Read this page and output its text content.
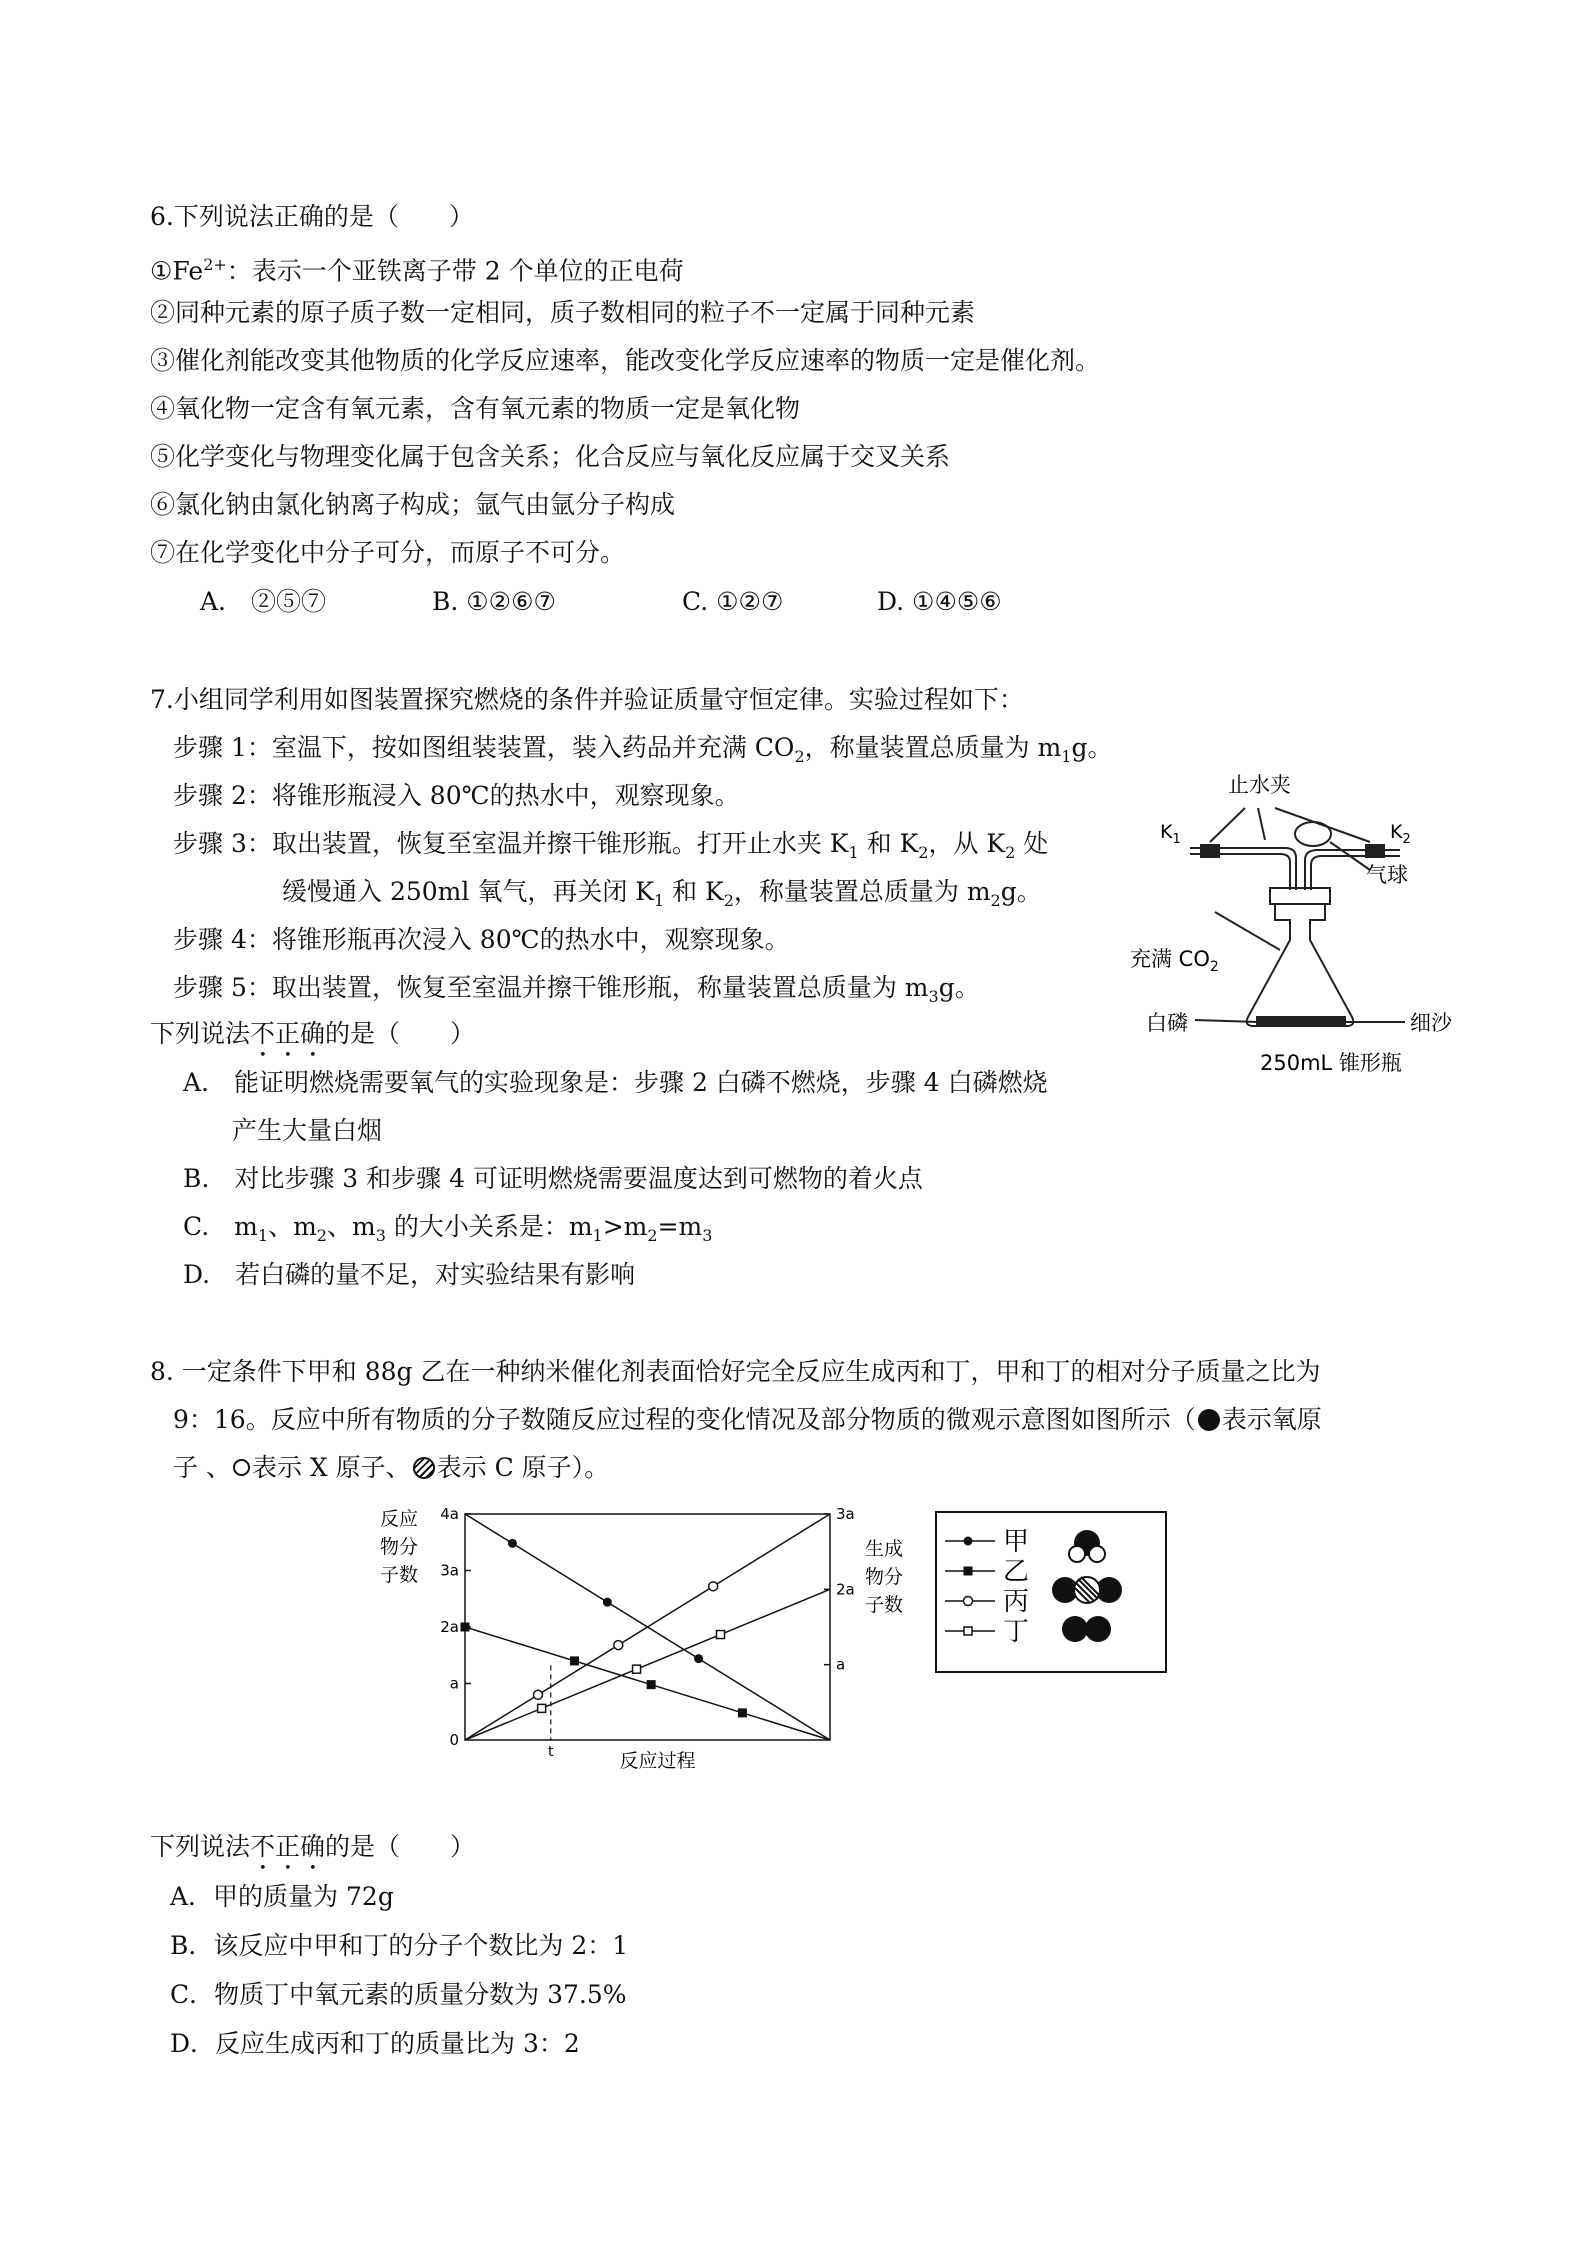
6.下列说法正确的是（　　）
$①Fe^{2+}$：表示一个亚铁离子带 2 个单位的正电荷
②同种元素的原子质子数一定相同，质子数相同的粒子不一定属于同种元素
③催化剂能改变其他物质的化学反应速率，能改变化学反应速率的物质一定是催化剂。
④氧化物一定含有氧元素，含有氧元素的物质一定是氧化物
⑤化学变化与物理变化属于包含关系；化合反应与氧化反应属于交叉关系
⑥氯化钠由氯化钠离子构成；氩气由氩分子构成
⑦在化学变化中分子可分，而原子不可分。
A.　②⑤⑦	B. ①②⑥⑦	C. ①②⑦	D. ①④⑤⑥
7.小组同学利用如图装置探究燃烧的条件并验证质量守恒定律。实验过程如下：
步骤 1：室温下，按如图组装装置，装入药品并充满 $CO_2$，称量装置总质量为 $m_1g$。
步骤 2：将锥形瓶浸入 80℃的热水中，观察现象。
步骤 3：取出装置，恢复至室温并擦干锥形瓶。打开止水夹 $K_1$ 和 $K_2$，从 $K_2$ 处
缓慢通入 250ml 氧气，再关闭 $K_1$ 和 $K_2$，称量装置总质量为 $m_2g$。
步骤 4：将锥形瓶再次浸入 80℃的热水中，观察现象。
步骤 5：取出装置，恢复至室温并擦干锥形瓶，称量装置总质量为 $m_3g$。
下列说法不正确的是（　　）
A.　能证明燃烧需要氧气的实验现象是：步骤 2 白磷不燃烧，步骤 4 白磷燃烧
产生大量白烟
B.　对比步骤 3 和步骤 4 可证明燃烧需要温度达到可燃物的着火点
C.　$m_1$、$m_2$、$m_3$ 的大小关系是：$m_1>m_2=m_3$
D.　若白磷的量不足，对实验结果有影响
止水夹
$K_1$	$K_2$
气球
充满 $CO_2$
白磷	细沙
250mL 锥形瓶
8. 一定条件下甲和 88g 乙在一种纳米催化剂表面恰好完全反应生成丙和丁，甲和丁的相对分子质量之比为
9：16。反应中所有物质的分子数随反应过程的变化情况及部分物质的微观示意图如图所示（ 表示氧原
子 、 表示 X 原子、 表示 C 原子）。
0
a
2a
3a
4a
a
2a
3a
反应
物分
子数
生成
物分
子数
反应过程
t
甲
乙
丙
丁
下列说法不正确的是（　　）
A．甲的质量为 72g
B．该反应中甲和丁的分子个数比为 2：1
C．物质丁中氧元素的质量分数为 37.5%
D．反应生成丙和丁的质量比为 3：2
